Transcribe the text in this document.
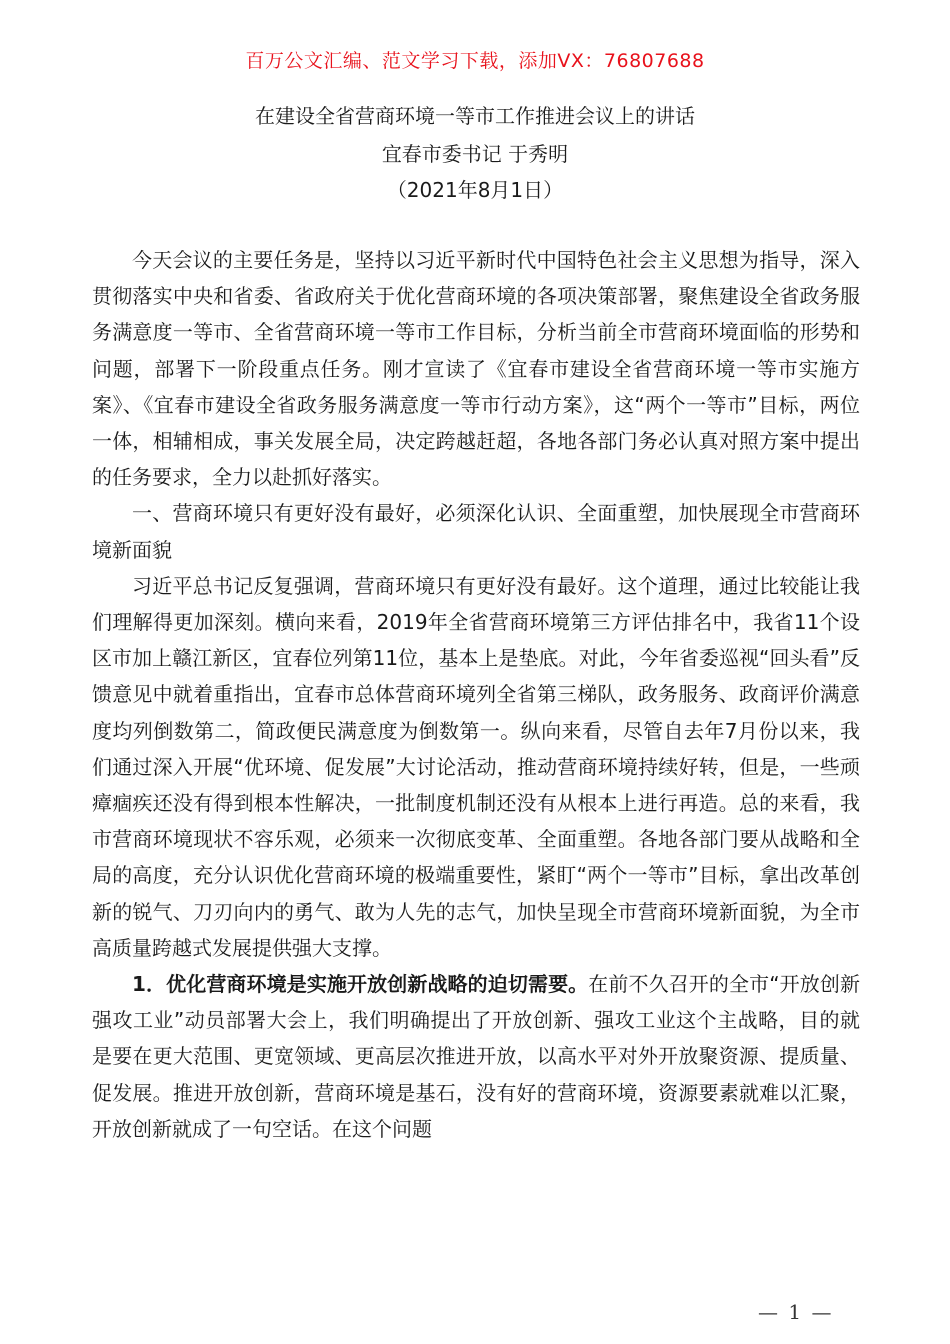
百万公文汇编、范文学习下载，添加VX：76807688
在建设全省营商环境一等市工作推进会议上的讲话
宜春市委书记 于秀明
（2021年8月1日）

今天会议的主要任务是，坚持以习近平新时代中国特色社会主义思想为指导，深入贯彻落实中央和省委、省政府关于优化营商环境的各项决策部署，聚焦建设全省政务服务满意度一等市、全省营商环境一等市工作目标，分析当前全市营商环境面临的形势和问题，部署下一阶段重点任务。刚才宣读了《宜春市建设全省营商环境一等市实施方案》、《宜春市建设全省政务服务满意度一等市行动方案》，这“两个一等市”目标，两位一体，相辅相成，事关发展全局，决定跨越赶超，各地各部门务必认真对照方案中提出的任务要求，全力以赴抓好落实。

一、营商环境只有更好没有最好，必须深化认识、全面重塑，加快展现全市营商环境新面貌

习近平总书记反复强调，营商环境只有更好没有最好。这个道理，通过比较能让我们理解得更加深刻。横向来看，2019年全省营商环境第三方评估排名中，我省11个设区市加上赣江新区，宜春位列第11位，基本上是垫底。对此，今年省委巡视“回头看”反馈意见中就着重指出，宜春市总体营商环境列全省第三梯队，政务服务、政商评价满意度均列倒数第二，简政便民满意度为倒数第一。纵向来看，尽管自去年7月份以来，我们通过深入开展“优环境、促发展”大讨论活动，推动营商环境持续好转，但是，一些顽瘴痼疾还没有得到根本性解决，一批制度机制还没有从根本上进行再造。总的来看，我市营商环境现状不容乐观，必须来一次彻底变革、全面重塑。各地各部门要从战略和全局的高度，充分认识优化营商环境的极端重要性，紧盯“两个一等市”目标，拿出改革创新的锐气、刀刃向内的勇气、敢为人先的志气，加快呈现全市营商环境新面貌，为全市高质量跨越式发展提供强大支撑。

1．优化营商环境是实施开放创新战略的迫切需要。在前不久召开的全市“开放创新强攻工业”动员部署大会上，我们明确提出了开放创新、强攻工业这个主战略，目的就是要在更大范围、更宽领域、更高层次推进开放，以高水平对外开放聚资源、提质量、促发展。推进开放创新，营商环境是基石，没有好的营商环境，资源要素就难以汇聚，开放创新就成了一句空话。在这个问题

— 1 —
